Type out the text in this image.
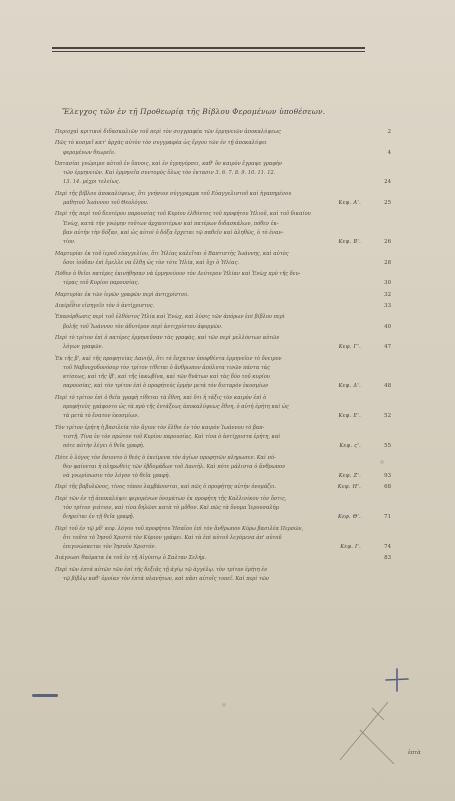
Ἔλεγχος τῶν ἐν τῇ Προθεωρίᾳ τῆς Βίβλου Φερομένων ὑποθέσεων.
Περιοχαὶ κριτικοὶ διδασκαλιῶν τοῦ περὶ τὸν συγγραφέα τῶν ἑρμηνειῶν ἀποκαλύψεως	2
Πῶς τὸ κοσμεῖ κατ' ἀρχὰς αὐτὸν τὸν συγγραφέα ὡς ἔργου τῶν ἐν τῇ ἀποκαλύψει
φερομένων θεωρεῖν.	4
Ὀπτασίαι γνώριμοι αὐτοῦ ἐν ὕπνοις, καὶ ἐν ἐγρηγόρσει, καθ' ὃν καιρὸν ἔγραψε γραφὴν
τῶν ἑρμηνειῶν. Καὶ ἑρμηνεῖα συντομὸς ὅλως τὸν ἐκτασιν 3. 6. 7. 8. 9. 10. 11. 12.
13. 14. μέχρι τελείως.	24
Περὶ τῆς βίβλου ἀποκαλύψεως, ὅτι γνήσιον σύγγραμμα τοῦ Εὐαγγελιστοῦ καὶ ἠγαπημένου
μαθητοῦ Ἰωάννου τοῦ Θεολόγου.	Κεφ. Α'.	25
Περὶ τῆς περὶ τοῦ δευτέρου παρουσίας τοῦ Κυρίου ἐλθόντος τοῦ προφήτου Ἠλιοῦ, καὶ τοῦ δικαίου
Ἐνὼχ, κατὰ τὴν γνώμην τοῦτων ἀρχαιοτέρων καὶ πατέρων διδασκάλων, πόθεν ἐκ-
βαν αὐτὴν τὴν δόξαν, καὶ ὡς αὐτοὶ ὁ δόξα ἔρχεται τῷ παθεῖν καὶ ἀληθῶς, ὁ τὸ ἐναν-
τίον.	Κεφ. Β'.	26
Μαρτυρίαι ἐκ τοῦ ἱεροῦ εὐαγγελίου, ὅτι Ἠλίας καλεῖται ὁ Βαπτιστὴς Ἰωάννης, καὶ αὐτὸς
ὅσοι ἰούδαν ἐπὶ ἔμελλε να ἔλθῃ ὡς τὸν τότε Ἠλία, καὶ ὅχι ὁ Ἠλίας.	28
Πόθεν ὁ θεῖοι πατέρες ἐκινήθησαν νὰ ἑρμηνεύουν τὸν Δεύτερον Ἠλίαν καὶ Ἐνὼχ πρὸ τῆς δευ-
τέρας τοῦ Κυρίου παρουσίας.	30
Μαρτυρίαι ἐκ τῶν ἱερῶν γραφῶν περὶ ἀντιχρίστου.	32
Διαίρεσιν εἰσηγεῖν τὸν ὁ ἀντίχριστος.	33
Ἐπανόρθωσις περὶ τοῦ ἐλθόντος Ἠλία καὶ Ἐνὼχ, καὶ λύσις τῶν ἀπόρων ἐπὶ βίβλου περὶ
βολῆς τοῦ Ἰωάννου τὸν ἀδυτέρον περὶ ἀντιχρίστου ἀφορμῶν.	40
Περὶ τὸ τρίτον ἐπὶ ὁ πατέρες ἑρμηνεῦσαν τὰς γραφὰς, καὶ τῶν περὶ μελλόντων αὐτῶν
λόγων γραφῶν.	Κεφ. Γ'.	47
Ἐκ τῆς β', καὶ τῆς προφητείας Δανιὴλ, ὅτι τὸ ἔσχατον ὑποφθέντα ἑρμηνεῖον τὸ ὄνειρον
τοῦ Ναβουχοδονόσορ τὸν τρίτον τίθεται ὁ ἄνθρωπον ἀπόλυτα τινῶν πάντα τὰς
κτίσεως, καὶ τῆς ἰβ', καὶ τῆς ἰακωβίνα, καὶ τῶν θνάτων καὶ τὰς δύο τοῦ κυρίου
παρουσίας, καὶ τὸν τρίτον ἐπὶ ὁ προφήτεὺς ἑρμὴν μετὰ τὸν διεταρὸν ἐκοσμίων	Κεφ. Δ'.	48
Περὶ τὸ τρίτον ἐπὶ ὁ θεῖα γραφὴ τίθεται τὰ ἔθνη, καὶ ὅτι ἡ τάξις τὸν καιρὸν ἐπὶ ὁ
προφήτεὺς γράφοντο ὡς τὰ πρὸ τῆς ἐντάξεως ἀποκαλύψεως ἔθνη, ὁ αὐτὴ ἐρήτη καὶ ὡς
τὰ μετὰ τὸ ἔνατον ἐκοσμίων.	Κεφ. Ε'.	52
Τὸν τρίτον ἐρήτη ἡ βασιλεία τὸν ἄγιον τὸν ἔλθοι ἐν τὸν καιρὸν Ἰωάννου τὸ βαπ-
τιστῇ. Τίνα ἐν τὸν πρώτον τοῦ Κυρίου παρουσίας. Καὶ τίνα ὁ ἀντίχριστα ἐρήτη, καὶ
πότε αὐτὴν λέγει ὁ θεῖα γραφὴ.	Κεφ. ς'.	55
Πότε ὁ λόγος τὸν ὅσιοντο ὁ θεὸς ὁ ἐκείμενα τὸν ἀγίων προφητῶν πληρωσεν. Καὶ πό-
θεν φαίνεται ἡ πληρωθεὶς τῶν ἑβδομάδων τοῦ Δανιὴλ. Καὶ πότε μάλιστα ὁ ἄνθρωπον
νὰ γνωρίσωσιν τὸν λόγον τὸ θεῖα γραφὴ.	Κεφ. Ζ'.	93
Περὶ τῆς βαβυλῶνος, τίνος τόπου λαμβάνονται, καὶ πῶς ὁ προφήτης αὐτὴν ὀνομάζει.	Κεφ. Η'.	68
Περὶ τῶν ἐν τῇ ἀποκαλύψει φερομένων ὀνομάτων ἐκ προφήτη τῆς Καλλινίκου τὸν ὅστις,
τὸν τρίτον γιάτιον, καὶ τίνα δηλῶσι κατὰ τὸ μῦθον. Καὶ πῶς τὰ ὄνομα Ἱερουσαλὴμ
διηρείται ἐν τῇ θεῖα γραφῇ.	Κεφ. Θ'.	71
Περὶ τοῦ ἐν τῷ μδ' κεφ. λόγου τοῦ προφήτου Ἠσαΐου ἐπὶ τὸν ἄνθρωπον Κύρω βασιλέα Περσῶν,
ὅτι τοῦτο τὸ Ἰησοῦ Χριστὸ τὸν Κύριον γράφει. Καὶ τὰ ἐπὶ αὐτοῦ λεγόμενα ἀπ' αὐτοῦ
ἐπιγινώσκεται τὸν Ἰησοῦν Χριστόν.	Κεφ. Ι'.	74
Διάγνωσι θαύματα ἐκ τοῦ ἐν τῇ Αἰγύπτῳ ὁ Σαλταν Σελήμ.	83
Περὶ τῶν ἐπτά αὐτῶν τῶν ἐπὶ τῆς δεξιᾶς τῇ ἀγίῳ τῷ ἀγγέλῳ. τὸν τρίτον ἐρήτη ἐν
τῷ βίβλῳ καθ' ὁμοίαν τὸν ἑπτὰ πλανήτων, καὶ πᾶσι αὐτοῖς τυπεῖ. Καὶ περὶ τῶν
ἑπτὰ
